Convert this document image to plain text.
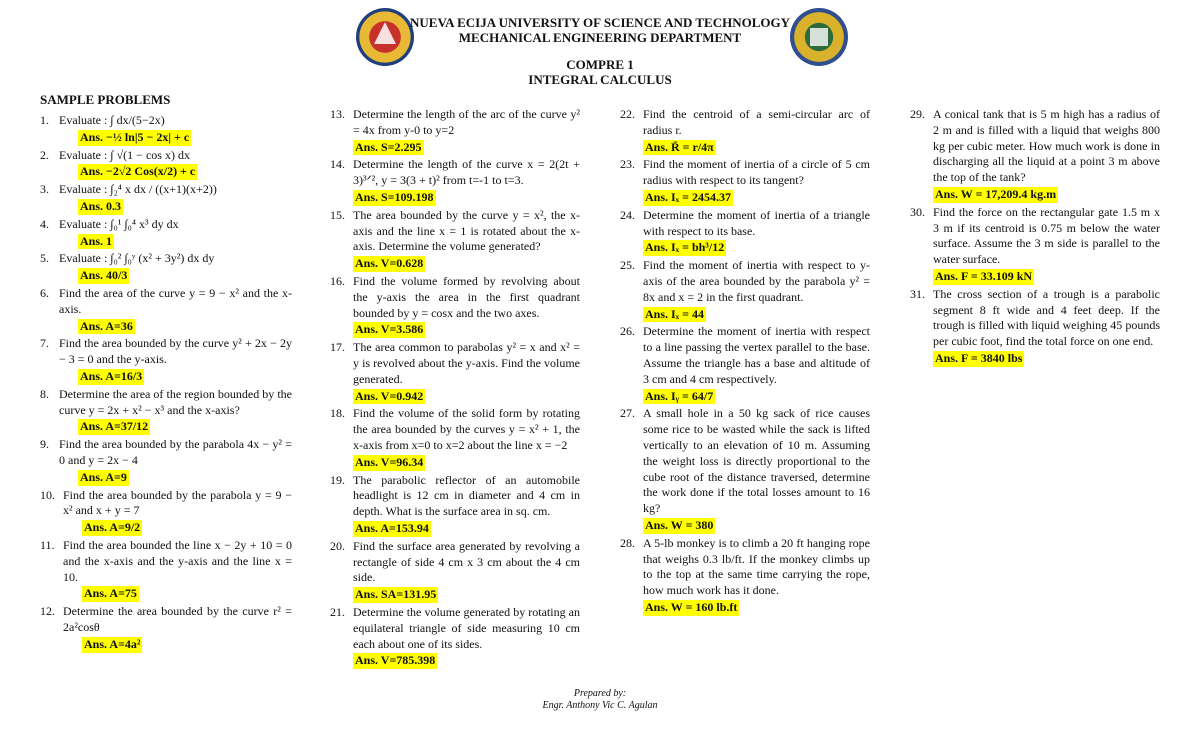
NUEVA ECIJA UNIVERSITY OF SCIENCE AND TECHNOLOGY
MECHANICAL ENGINEERING DEPARTMENT
COMPRE 1
INTEGRAL CALCULUS
SAMPLE PROBLEMS
1. Evaluate : ∫ dx/(5−2x)
Ans. −½ ln|5 − 2x| + c
2. Evaluate : ∫ √(1 − cos x) dx
Ans. −2√2 Cos(x/2) + c
3. Evaluate : ∫₂⁴ x dx / ((x+1)(x+2))
Ans. 0.3
4. Evaluate : ∫₀¹ ∫₀⁴ x³ dy dx
Ans. 1
5. Evaluate : ∫₀² ∫₀ʸ (x² + 3y²) dx dy
Ans. 40/3
6. Find the area of the curve y = 9 − x² and the x-axis.
Ans. A=36
7. Find the area bounded by the curve y² + 2x − 2y − 3 = 0 and the y-axis.
Ans. A=16/3
8. Determine the area of the region bounded by the curve y = 2x + x² − x³ and the x-axis?
Ans. A=37/12
9. Find the area bounded by the parabola 4x − y² = 0 and y = 2x − 4
Ans. A=9
10. Find the area bounded by the parabola y = 9 − x² and x + y = 7
Ans. A=9/2
11. Find the area bounded the line x − 2y + 10 = 0 and the x-axis and the y-axis and the line x = 10.
Ans. A=75
12. Determine the area bounded by the curve r² = 2a²cosθ
Ans. A=4a²
13. Determine the length of the arc of the curve y² = 4x from y-0 to y=2
Ans. S=2.295
14. Determine the length of the curve x = 2(2t + 3)³ᐟ², y = 3(3 + t)² from t=-1 to t=3.
Ans. S=109.198
15. The area bounded by the curve y = x², the x-axis and the line x = 1 is rotated about the x-axis. Determine the volume generated?
Ans. V=0.628
16. Find the volume formed by revolving about the y-axis the area in the first quadrant bounded by y = cosx and the two axes.
Ans. V=3.586
17. The area common to parabolas y² = x and x² = y is revolved about the y-axis. Find the volume generated.
Ans. V=0.942
18. Find the volume of the solid form by rotating the area bounded by the curves y = x² + 1, the x-axis from x=0 to x=2 about the line x = −2
Ans. V=96.34
19. The parabolic reflector of an automobile headlight is 12 cm in diameter and 4 cm in depth. What is the surface area in sq. cm.
Ans. A=153.94
20. Find the surface area generated by revolving a rectangle of side 4 cm x 3 cm about the 4 cm side.
Ans. SA=131.95
21. Determine the volume generated by rotating an equilateral triangle of side measuring 10 cm each about one of its sides.
Ans. V=785.398
22. Find the centroid of a semi-circular arc of radius r.
Ans. R̄ = r/4π
23. Find the moment of inertia of a circle of 5 cm radius with respect to its tangent?
Ans. Iₓ = 2454.37
24. Determine the moment of inertia of a triangle with respect to its base.
Ans. Iₓ = bh³/12
25. Find the moment of inertia with respect to y-axis of the area bounded by the parabola y² = 8x and x = 2 in the first quadrant.
Ans. Iₓ = 44
26. Determine the moment of inertia with respect to a line passing the vertex parallel to the base. Assume the triangle has a base and altitude of 3 cm and 4 cm respectively.
Ans. Iᵧ = 64/7
27. A small hole in a 50 kg sack of rice causes some rice to be wasted while the sack is lifted vertically to an elevation of 10 m. Assuming the weight loss is directly proportional to the cube root of the distance traversed, determine the work done if the total losses amount to 16 kg?
Ans. W = 380
28. A 5-lb monkey is to climb a 20 ft hanging rope that weighs 0.3 lb/ft. If the monkey climbs up to the top at the same time carrying the rope, how much work has it done.
Ans. W = 160 lb.ft
29. A conical tank that is 5 m high has a radius of 2 m and is filled with a liquid that weighs 800 kg per cubic meter. How much work is done in discharging all the liquid at a point 3 m above the top of the tank?
Ans. W = 17,209.4 kg.m
30. Find the force on the rectangular gate 1.5 m x 3 m if its centroid is 0.75 m below the water surface. Assume the 3 m side is parallel to the water surface.
Ans. F = 33.109 kN
31. The cross section of a trough is a parabolic segment 8 ft wide and 4 feet deep. If the trough is filled with liquid weighing 45 pounds per cubic foot, find the total force on one end.
Ans. F = 3840 lbs
Prepared by:
Engr. Anthony Vic C. Agulan
